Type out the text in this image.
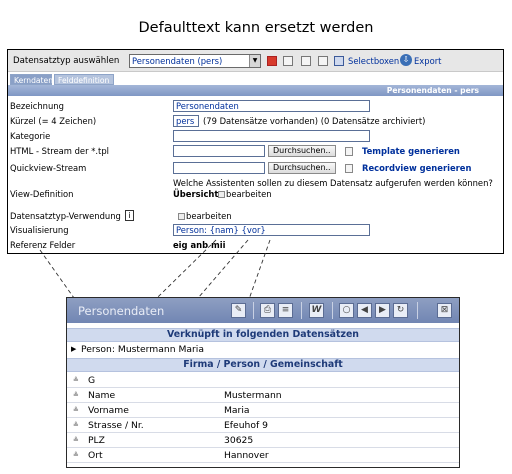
Defaulttext kann ersetzt werden
Datensatztyp auswählen Personendaten (pers)	▼	Selectboxen ⇩ Export
Kerndaten Felddefinition
Personendaten - pers
Bezeichnung	Personendaten
Kürzel (= 4 Zeichen)	pers (79 Datensätze vorhanden) (0 Datensätze archiviert)
Kategorie
HTML - Stream der *.tpl	Durchsuchen..	Template generieren
Quickview-Stream	Durchsuchen..	Recordview generieren
View-Definition
Welche Assistenten sollen zu diesem Datensatz aufgerufen werden können?
Übersicht bearbeiten
Datensatztyp-Verwendung i	bearbeiten
Visualisierung	Person: {nam} {vor}
Referenz Felder	eig anb mii
Personendaten	✎	⎙	≡	W	○	◀	▶	↻	⊠
Verknüpft in folgenden Datensätzen
▶ Person: Mustermann Maria
Firma / Person / Gemeinschaft
≗ G
≗ Name	Mustermann
≗ Vorname	Maria
≗ Strasse / Nr.	Efeuhof 9
≗ PLZ	30625
≗ Ort	Hannover
